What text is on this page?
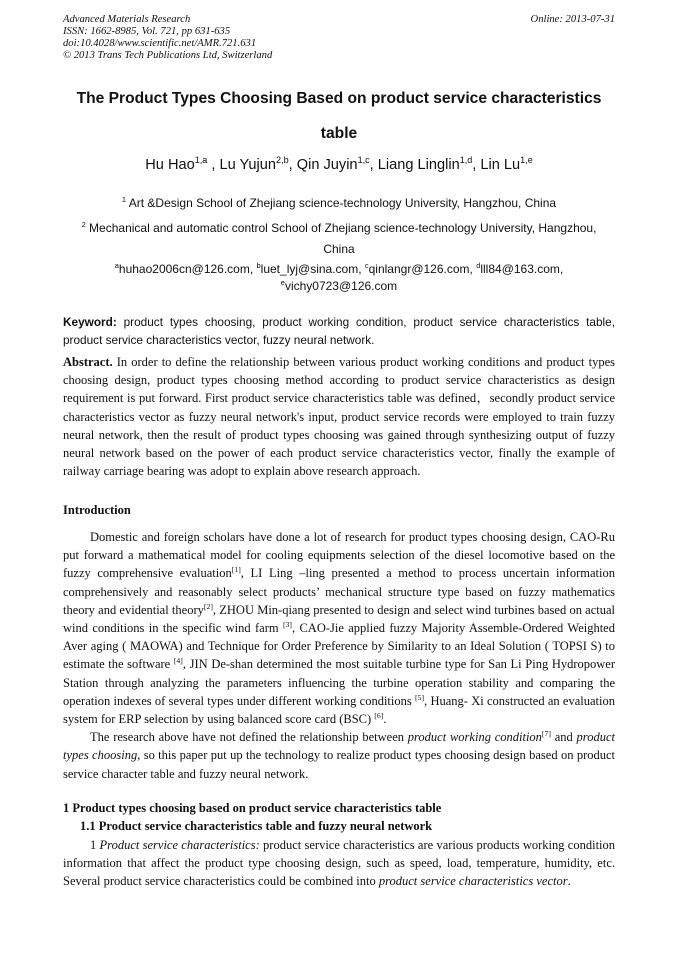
Advanced Materials Research
ISSN: 1662-8985, Vol. 721, pp 631-635
doi:10.4028/www.scientific.net/AMR.721.631
© 2013 Trans Tech Publications Ltd, Switzerland
Online: 2013-07-31
The Product Types Choosing Based on product service characteristics
table
Hu Hao$^{1,a}$ , Lu Yujun$^{2,b}$, Qin Juyin$^{1,c}$, Liang Linglin$^{1,d}$, Lin Lu$^{1,e}$
$^1$ Art &Design School of Zhejiang science-technology University, Hangzhou, China
$^2$ Mechanical and automatic control School of Zhejiang science-technology University, Hangzhou, China
$^a$huhao2006cn@126.com, $^b$luet_lyj@sina.com, $^c$qinlangr@126.com, $^d$lll84@163.com,
$^e$vichy0723@126.com
Keyword: product types choosing, product working condition, product service characteristics table, product service characteristics vector, fuzzy neural network.
Abstract. In order to define the relationship between various product working conditions and product types choosing design, product types choosing method according to product service characteristics as design requirement is put forward. First product service characteristics table was defined，secondly product service characteristics vector as fuzzy neural network's input, product service records were employed to train fuzzy neural network, then the result of product types choosing was gained through synthesizing output of fuzzy neural network based on the power of each product service characteristics vector, finally the example of railway carriage bearing was adopt to explain above research approach.
Introduction

Domestic and foreign scholars have done a lot of research for product types choosing design, CAO-Ru put forward a mathematical model for cooling equipments selection of the diesel locomotive based on the fuzzy comprehensive evaluation[1], LI Ling –ling presented a method to process uncertain information comprehensively and reasonably select products’ mechanical structure type based on fuzzy mathematics theory and evidential theory[2], ZHOU Min-qiang presented to design and select wind turbines based on actual wind conditions in the specific wind farm [3], CAO-Jie applied fuzzy Majority Assemble-Ordered Weighted Aver aging ( MAOWA) and Technique for Order Preference by Similarity to an Ideal Solution ( TOPSI S) to estimate the software [4], JIN De-shan determined the most suitable turbine type for San Li Ping Hydropower Station through analyzing the parameters influencing the turbine operation stability and comparing the operation indexes of several types under different working conditions [5], Huang- Xi constructed an evaluation system for ERP selection by using balanced score card (BSC) [6].

The research above have not defined the relationship between product working condition[7] and product types choosing, so this paper put up the technology to realize product types choosing design based on product service character table and fuzzy neural network.

1 Product types choosing based on product service characteristics table
1.1 Product service characteristics table and fuzzy neural network

1 Product service characteristics: product service characteristics are various products working condition information that affect the product type choosing design, such as speed, load, temperature, humidity, etc. Several product service characteristics could be combined into product service characteristics vector.
